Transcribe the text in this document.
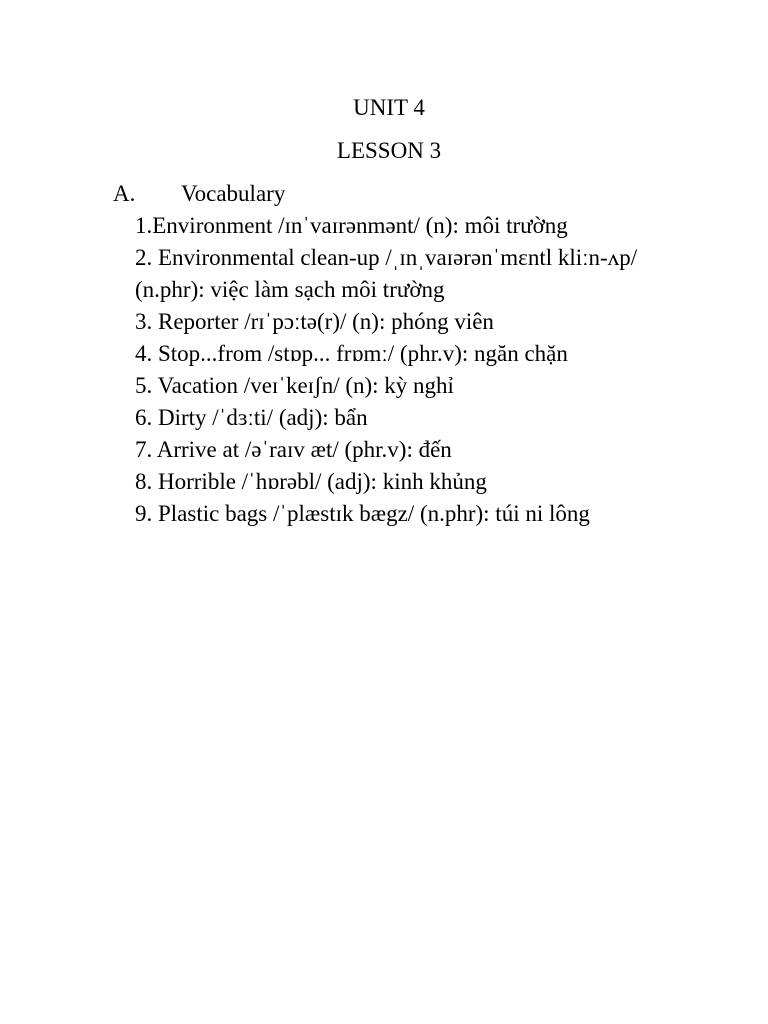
UNIT 4
LESSON 3
A. Vocabulary
1.Environment /ɪnˈvaɪrənmənt/ (n): môi trường
2. Environmental clean-up /ˌɪnˌvaɪərənˈmɛntl kliːn-ʌp/
(n.phr): việc làm sạch môi trường
3. Reporter /rɪˈpɔːtə(r)/ (n): phóng viên
4. Stop...from /stɒp... frɒmː/ (phr.v): ngăn chặn
5. Vacation /veɪˈkeɪʃn/ (n): kỳ nghỉ
6. Dirty /ˈdɜːti/ (adj): bẩn
7. Arrive at /əˈraɪv æt/ (phr.v): đến
8. Horrible /ˈhɒrəbl/ (adj): kinh khủng
9. Plastic bags /ˈplæstɪk bægz/ (n.phr): túi ni lông
